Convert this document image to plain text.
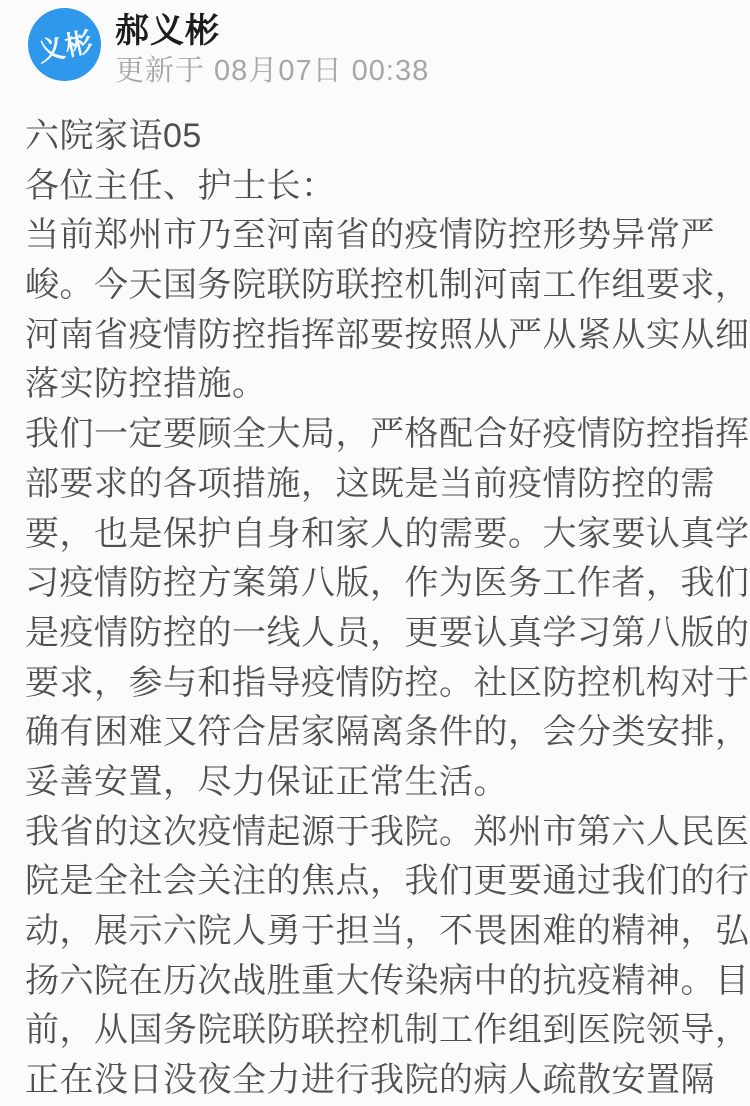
义彬 郝义彬
更新于 08月07日 00:38
六院家语05
各位主任、护士长：
当前郑州市乃至河南省的疫情防控形势异常严
峻。今天国务院联防联控机制河南工作组要求，
河南省疫情防控指挥部要按照从严从紧从实从细
落实防控措施。
我们一定要顾全大局，严格配合好疫情防控指挥
部要求的各项措施，这既是当前疫情防控的需
要，也是保护自身和家人的需要。大家要认真学
习疫情防控方案第八版，作为医务工作者，我们
是疫情防控的一线人员，更要认真学习第八版的
要求，参与和指导疫情防控。社区防控机构对于
确有困难又符合居家隔离条件的，会分类安排，
妥善安置，尽力保证正常生活。
我省的这次疫情起源于我院。郑州市第六人民医
院是全社会关注的焦点，我们更要通过我们的行
动，展示六院人勇于担当，不畏困难的精神，弘
扬六院在历次战胜重大传染病中的抗疫精神。目
前，从国务院联防联控机制工作组到医院领导，
正在没日没夜全力进行我院的病人疏散安置隔
